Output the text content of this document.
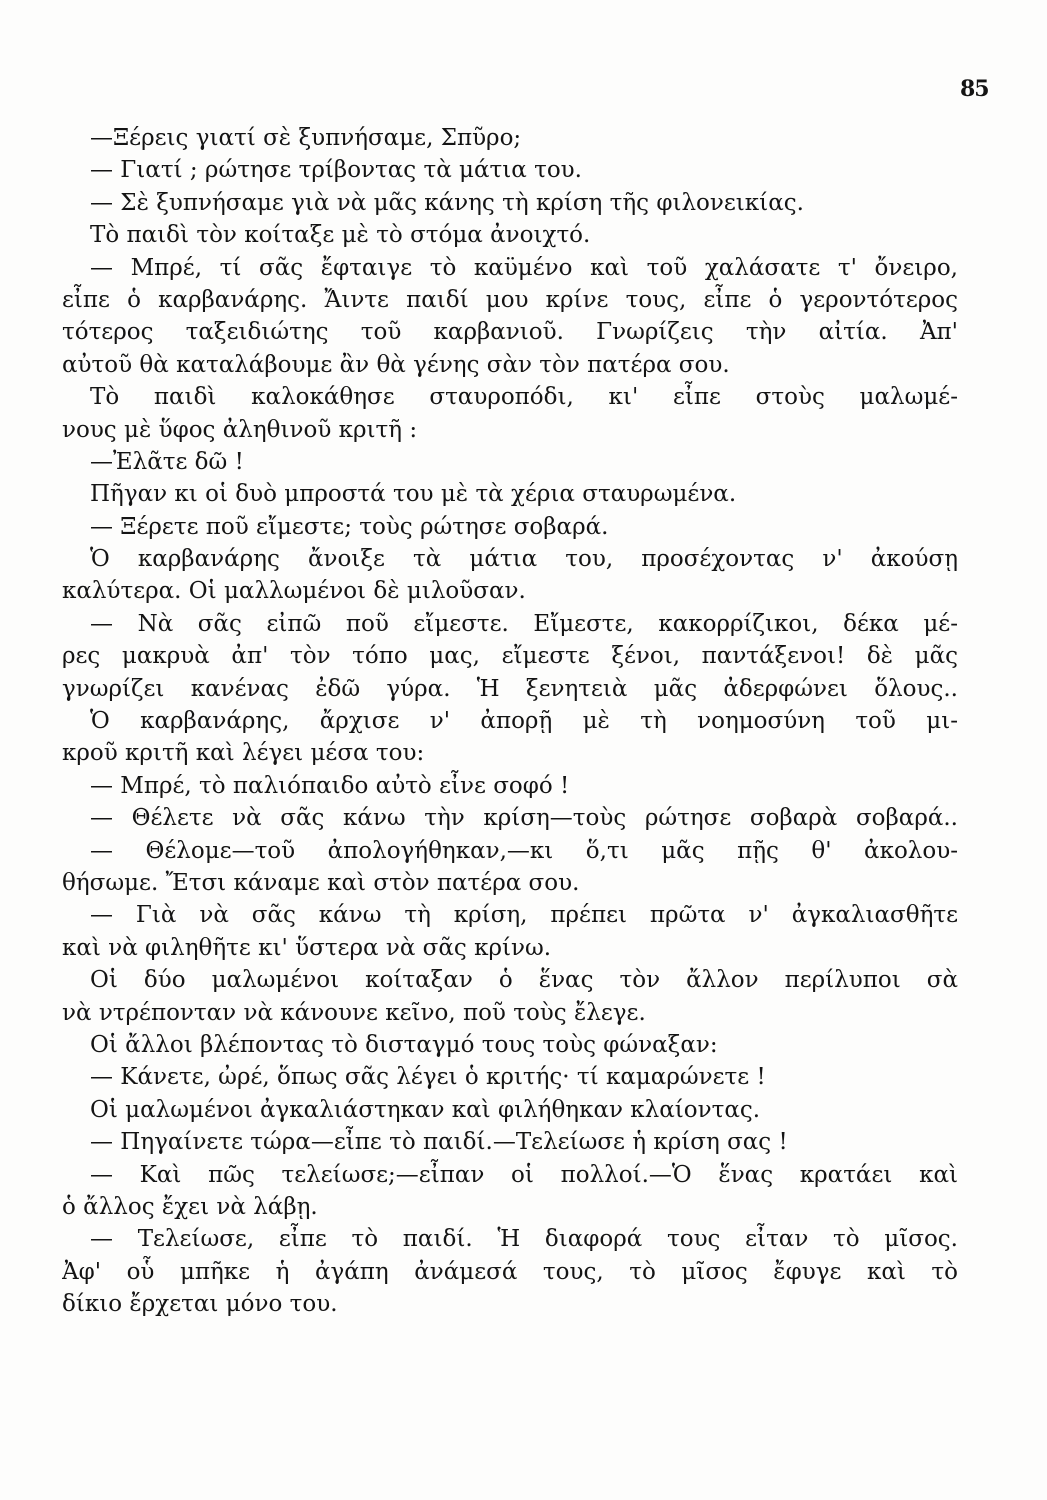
85
—Ξέρεις γιατί σὲ ξυπνήσαμε, Σπῦρο;
— Γιατί ; ρώτησε τρίβοντας τὰ μάτια του.
— Σὲ ξυπνήσαμε γιὰ νὰ μᾶς κάνης τὴ κρίση τῆς φιλονεικίας.
Τὸ παιδὶ τὸν κοίταξε μὲ τὸ στόμα ἀνοιχτό.
— Μπρέ, τί σᾶς ἔφταιγε τὸ καϋμένο καὶ τοῦ χαλάσατε τ' ὄνειρο,
εἶπε ὁ καρβανάρης. Ἄιντε παιδί μου κρίνε τους, εἶπε ὁ γεροντότερος
τότερος ταξειδιώτης τοῦ καρβανιοῦ. Γνωρίζεις τὴν αἰτία. Ἀπ'
αὐτοῦ θὰ καταλάβουμε ἂν θὰ γένης σὰν τὸν πατέρα σου.
Τὸ παιδὶ καλοκάθησε σταυροπόδι, κι' εἶπε στοὺς μαλωμέ-
νους μὲ ὕφος ἀληθινοῦ κριτῆ :
—Ἐλᾶτε δῶ !
Πῆγαν κι οἱ δυὸ μπροστά του μὲ τὰ χέρια σταυρωμένα.
— Ξέρετε ποῦ εἴμεστε; τοὺς ρώτησε σοβαρά.
Ὁ καρβανάρης ἄνοιξε τὰ μάτια του, προσέχοντας ν' ἀκούσῃ
καλύτερα. Οἱ μαλλωμένοι δὲ μιλοῦσαν.
— Νὰ σᾶς εἰπῶ ποῦ εἴμεστε. Εἴμεστε, κακορρίζικοι, δέκα μέ-
ρες μακρυὰ ἀπ' τὸν τόπο μας, εἴμεστε ξένοι, παντάξενοι! δὲ μᾶς
γνωρίζει κανένας ἐδῶ γύρα. Ἡ ξενητειὰ μᾶς ἀδερφώνει ὅλους..
Ὁ καρβανάρης, ἄρχισε ν' ἀπορῇ μὲ τὴ νοημοσύνη τοῦ μι-
κροῦ κριτῆ καὶ λέγει μέσα του:
— Μπρέ, τὸ παλιόπαιδο αὐτὸ εἶνε σοφό !
— Θέλετε νὰ σᾶς κάνω τὴν κρίση—τοὺς ρώτησε σοβαρὰ σοβαρά..
— Θέλομε—τοῦ ἀπολογήθηκαν,—κι ὅ,τι μᾶς πῇς θ' ἀκολου-
θήσωμε. Ἔτσι κάναμε καὶ στὸν πατέρα σου.
— Γιὰ νὰ σᾶς κάνω τὴ κρίση, πρέπει πρῶτα ν' ἀγκαλιασθῆτε
καὶ νὰ φιληθῆτε κι' ὕστερα νὰ σᾶς κρίνω.
Οἱ δύο μαλωμένοι κοίταξαν ὁ ἕνας τὸν ἄλλον περίλυποι σὰ
νὰ ντρέπονταν νὰ κάνουνε κεῖνο, ποῦ τοὺς ἔλεγε.
Οἱ ἄλλοι βλέποντας τὸ δισταγμό τους τοὺς φώναξαν:
— Κάνετε, ὠρέ, ὅπως σᾶς λέγει ὁ κριτής· τί καμαρώνετε !
Οἱ μαλωμένοι ἀγκαλιάστηκαν καὶ φιλήθηκαν κλαίοντας.
— Πηγαίνετε τώρα—εἶπε τὸ παιδί.—Τελείωσε ἡ κρίση σας !
— Καὶ πῶς τελείωσε;—εἶπαν οἱ πολλοί.—Ὁ ἕνας κρατάει καὶ
ὁ ἄλλος ἔχει νὰ λάβῃ.
— Τελείωσε, εἶπε τὸ παιδί. Ἡ διαφορά τους εἶταν τὸ μῖσος.
Ἀφ' οὗ μπῆκε ἡ ἀγάπη ἀνάμεσά τους, τὸ μῖσος ἔφυγε καὶ τὸ
δίκιο ἔρχεται μόνο του.
